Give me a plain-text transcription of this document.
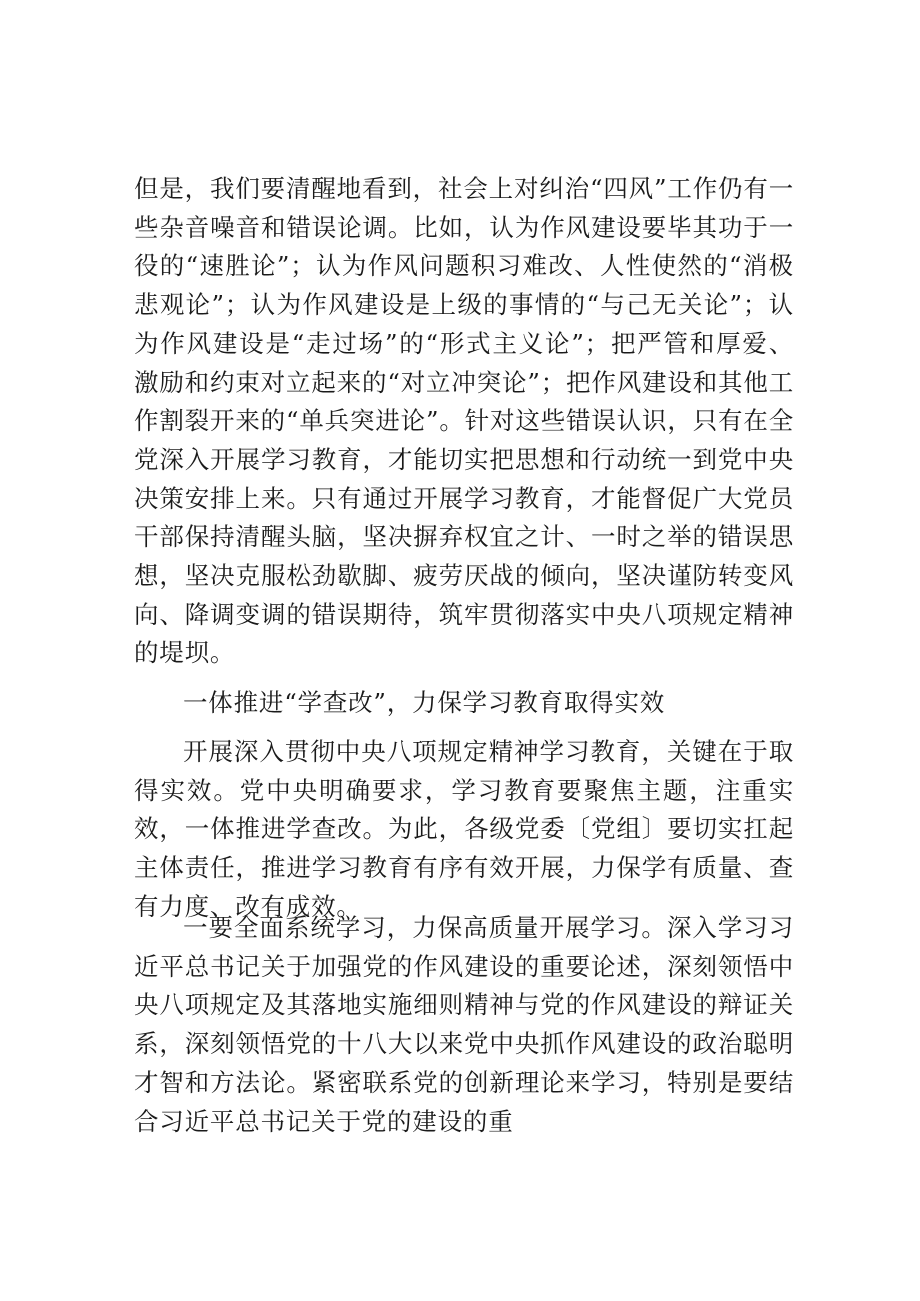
但是，我们要清醒地看到，社会上对纠治“四风”工作仍有一些杂音噪音和错误论调。比如，认为作风建设要毕其功于一役的“速胜论”；认为作风问题积习难改、人性使然的“消极悲观论”；认为作风建设是上级的事情的“与己无关论”；认为作风建设是“走过场”的“形式主义论”；把严管和厚爱、激励和约束对立起来的“对立冲突论”；把作风建设和其他工作割裂开来的“单兵突进论”。针对这些错误认识，只有在全党深入开展学习教育，才能切实把思想和行动统一到党中央决策安排上来。只有通过开展学习教育，才能督促广大党员干部保持清醒头脑，坚决摒弃权宜之计、一时之举的错误思想，坚决克服松劲歇脚、疲劳厌战的倾向，坚决谨防转变风向、降调变调的错误期待，筑牢贯彻落实中央八项规定精神的堤坝。

一体推进“学查改”，力保学习教育取得实效

开展深入贯彻中央八项规定精神学习教育，关键在于取得实效。党中央明确要求，学习教育要聚焦主题，注重实效，一体推进学查改。为此，各级党委〔党组〕要切实扛起主体责任，推进学习教育有序有效开展，力保学有质量、查有力度、改有成效。

一要全面系统学习，力保高质量开展学习。深入学习习近平总书记关于加强党的作风建设的重要论述，深刻领悟中央八项规定及其落地实施细则精神与党的作风建设的辩证关系，深刻领悟党的十八大以来党中央抓作风建设的政治聪明才智和方法论。紧密联系党的创新理论来学习，特别是要结合习近平总书记关于党的建设的重
